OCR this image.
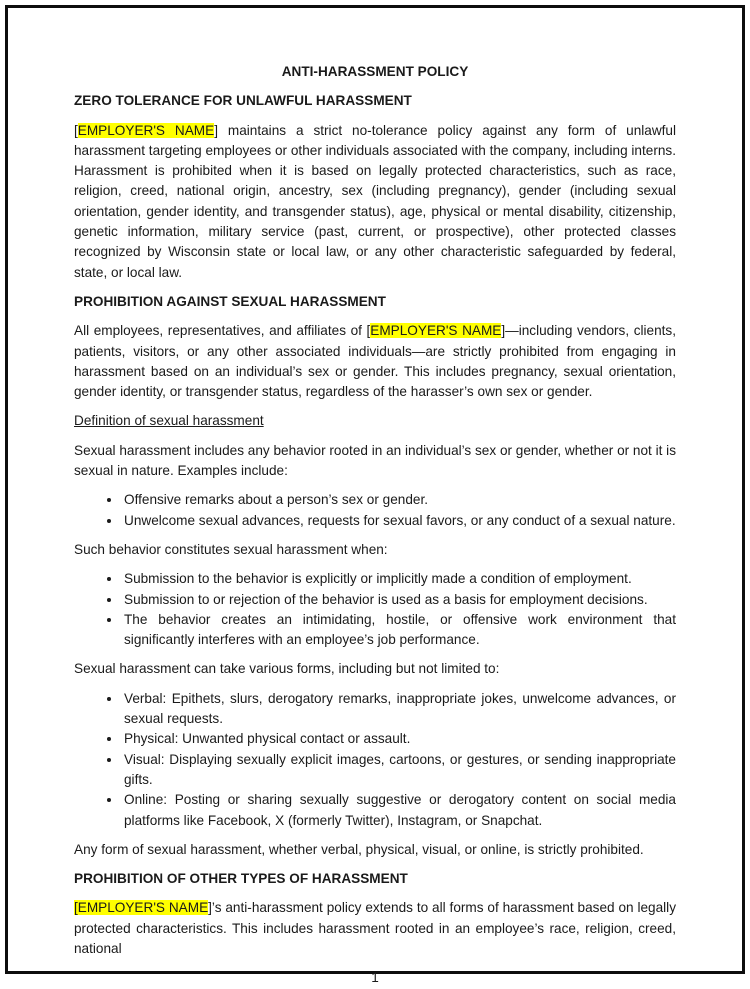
ANTI-HARASSMENT POLICY
ZERO TOLERANCE FOR UNLAWFUL HARASSMENT

[EMPLOYER'S NAME] maintains a strict no-tolerance policy against any form of unlawful harassment targeting employees or other individuals associated with the company, including interns. Harassment is prohibited when it is based on legally protected characteristics, such as race, religion, creed, national origin, ancestry, sex (including pregnancy), gender (including sexual orientation, gender identity, and transgender status), age, physical or mental disability, citizenship, genetic information, military service (past, current, or prospective), other protected classes recognized by Wisconsin state or local law, or any other characteristic safeguarded by federal, state, or local law.

PROHIBITION AGAINST SEXUAL HARASSMENT

All employees, representatives, and affiliates of [EMPLOYER'S NAME]—including vendors, clients, patients, visitors, or any other associated individuals—are strictly prohibited from engaging in harassment based on an individual’s sex or gender. This includes pregnancy, sexual orientation, gender identity, or transgender status, regardless of the harasser’s own sex or gender.

Definition of sexual harassment

Sexual harassment includes any behavior rooted in an individual’s sex or gender, whether or not it is sexual in nature. Examples include:

• Offensive remarks about a person’s sex or gender.
• Unwelcome sexual advances, requests for sexual favors, or any conduct of a sexual nature.

Such behavior constitutes sexual harassment when:

• Submission to the behavior is explicitly or implicitly made a condition of employment.
• Submission to or rejection of the behavior is used as a basis for employment decisions.
• The behavior creates an intimidating, hostile, or offensive work environment that significantly interferes with an employee’s job performance.

Sexual harassment can take various forms, including but not limited to:

• Verbal: Epithets, slurs, derogatory remarks, inappropriate jokes, unwelcome advances, or sexual requests.
• Physical: Unwanted physical contact or assault.
• Visual: Displaying sexually explicit images, cartoons, or gestures, or sending inappropriate gifts.
• Online: Posting or sharing sexually suggestive or derogatory content on social media platforms like Facebook, X (formerly Twitter), Instagram, or Snapchat.

Any form of sexual harassment, whether verbal, physical, visual, or online, is strictly prohibited.

PROHIBITION OF OTHER TYPES OF HARASSMENT

[EMPLOYER'S NAME]’s anti-harassment policy extends to all forms of harassment based on legally protected characteristics. This includes harassment rooted in an employee’s race, religion, creed, national

1
